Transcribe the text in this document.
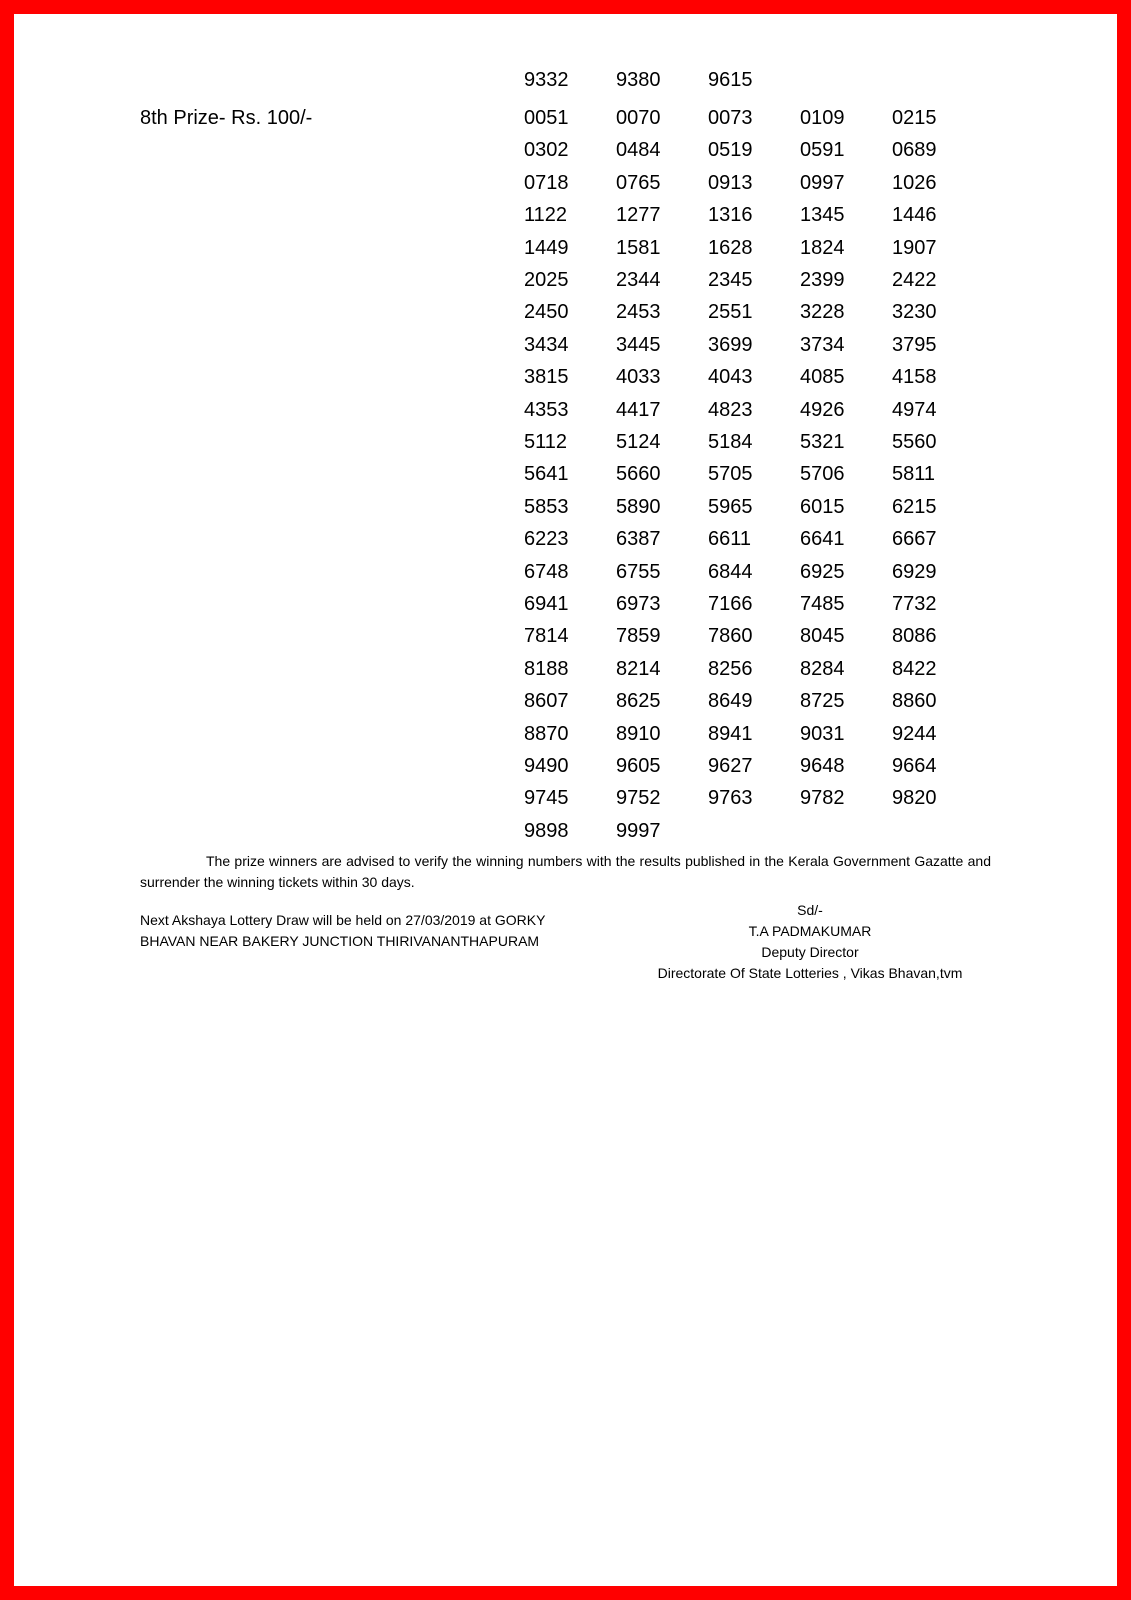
9332 9380 9615
8th Prize- Rs. 100/-	0051 0070 0073 0109 0215
0302 0484 0519 0591 0689
0718 0765 0913 0997 1026
1122 1277 1316 1345 1446
1449 1581 1628 1824 1907
2025 2344 2345 2399 2422
2450 2453 2551 3228 3230
3434 3445 3699 3734 3795
3815 4033 4043 4085 4158
4353 4417 4823 4926 4974
5112 5124 5184 5321 5560
5641 5660 5705 5706 5811
5853 5890 5965 6015 6215
6223 6387 6611 6641 6667
6748 6755 6844 6925 6929
6941 6973 7166 7485 7732
7814 7859 7860 8045 8086
8188 8214 8256 8284 8422
8607 8625 8649 8725 8860
8870 8910 8941 9031 9244
9490 9605 9627 9648 9664
9745 9752 9763 9782 9820
9898 9997
The prize winners are advised to verify the winning numbers with the results published in the Kerala Government Gazatte and surrender the winning tickets within 30 days.
Next Akshaya Lottery Draw will be held on 27/03/2019 at GORKY
BHAVAN NEAR BAKERY JUNCTION THIRIVANANTHAPURAM
Sd/-
T.A PADMAKUMAR
Deputy Director
Directorate Of State Lotteries , Vikas Bhavan,tvm
